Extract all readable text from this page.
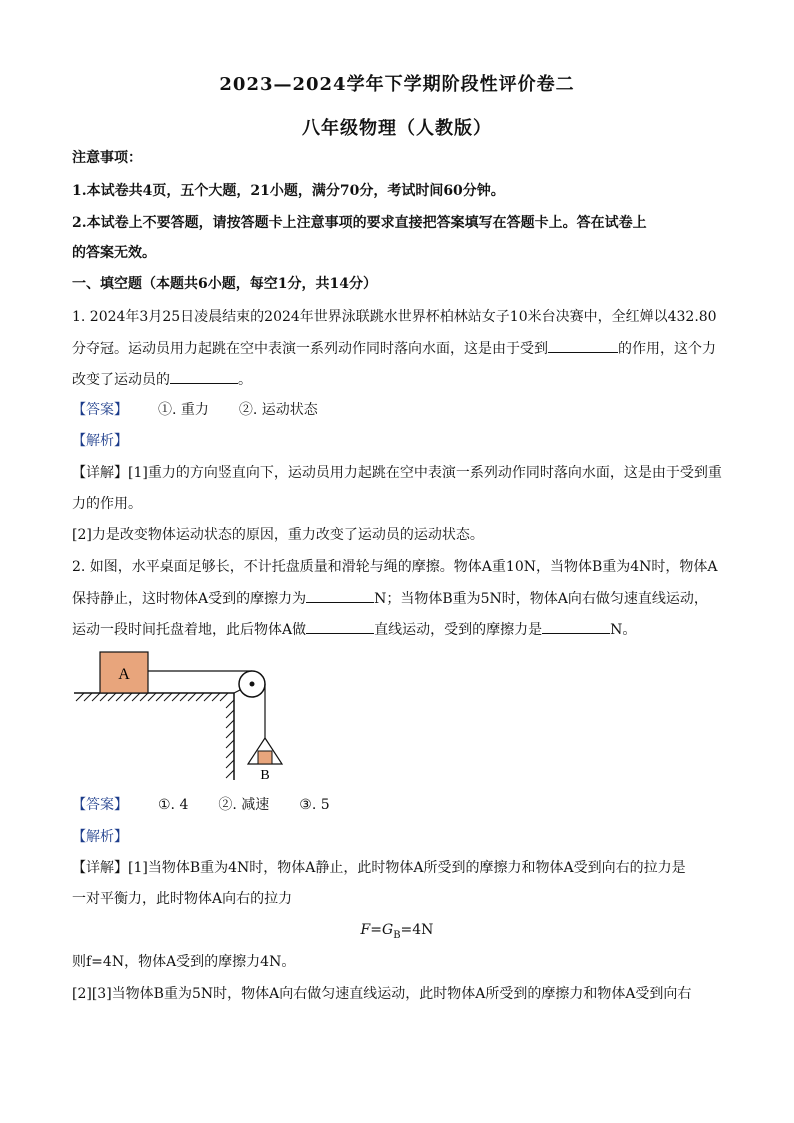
2023—2024学年下学期阶段性评价卷二
八年级物理（人教版）
注意事项：
1.本试卷共4页，五个大题，21小题，满分70分，考试时间60分钟。
2.本试卷上不要答题，请按答题卡上注意事项的要求直接把答案填写在答题卡上。答在试卷上
的答案无效。
一、填空题（本题共6小题，每空1分，共14分）
1. 2024年3月25日凌晨结束的2024年世界泳联跳水世界杯柏林站女子10米台决赛中，全红婵以432.80
分夺冠。运动员用力起跳在空中表演一系列动作同时落向水面，这是由于受到	的作用，这个力
改变了运动员的	。
【答案】 ①. 重力 ②. 运动状态
【解析】
【详解】[1]重力的方向竖直向下，运动员用力起跳在空中表演一系列动作同时落向水面，这是由于受到重
力的作用。
[2]力是改变物体运动状态的原因，重力改变了运动员的运动状态。
2. 如图，水平桌面足够长，不计托盘质量和滑轮与绳的摩擦。物体A重10N，当物体B重为4N时，物体A
保持静止，这时物体A受到的摩擦力为	N；当物体B重为5N时，物体A向右做匀速直线运动，
运动一段时间托盘着地，此后物体A做	直线运动，受到的摩擦力是	N。
A
B
【答案】 ①. 4 ②. 减速 ③. 5
【解析】
【详解】[1]当物体B重为4N时，物体A静止，此时物体A所受到的摩擦力和物体A受到向右的拉力是
一对平衡力，此时物体A向右的拉力
$F=G_B=4N$
则f=4N，物体A受到的摩擦力4N。
[2][3]当物体B重为5N时，物体A向右做匀速直线运动，此时物体A所受到的摩擦力和物体A受到向右
